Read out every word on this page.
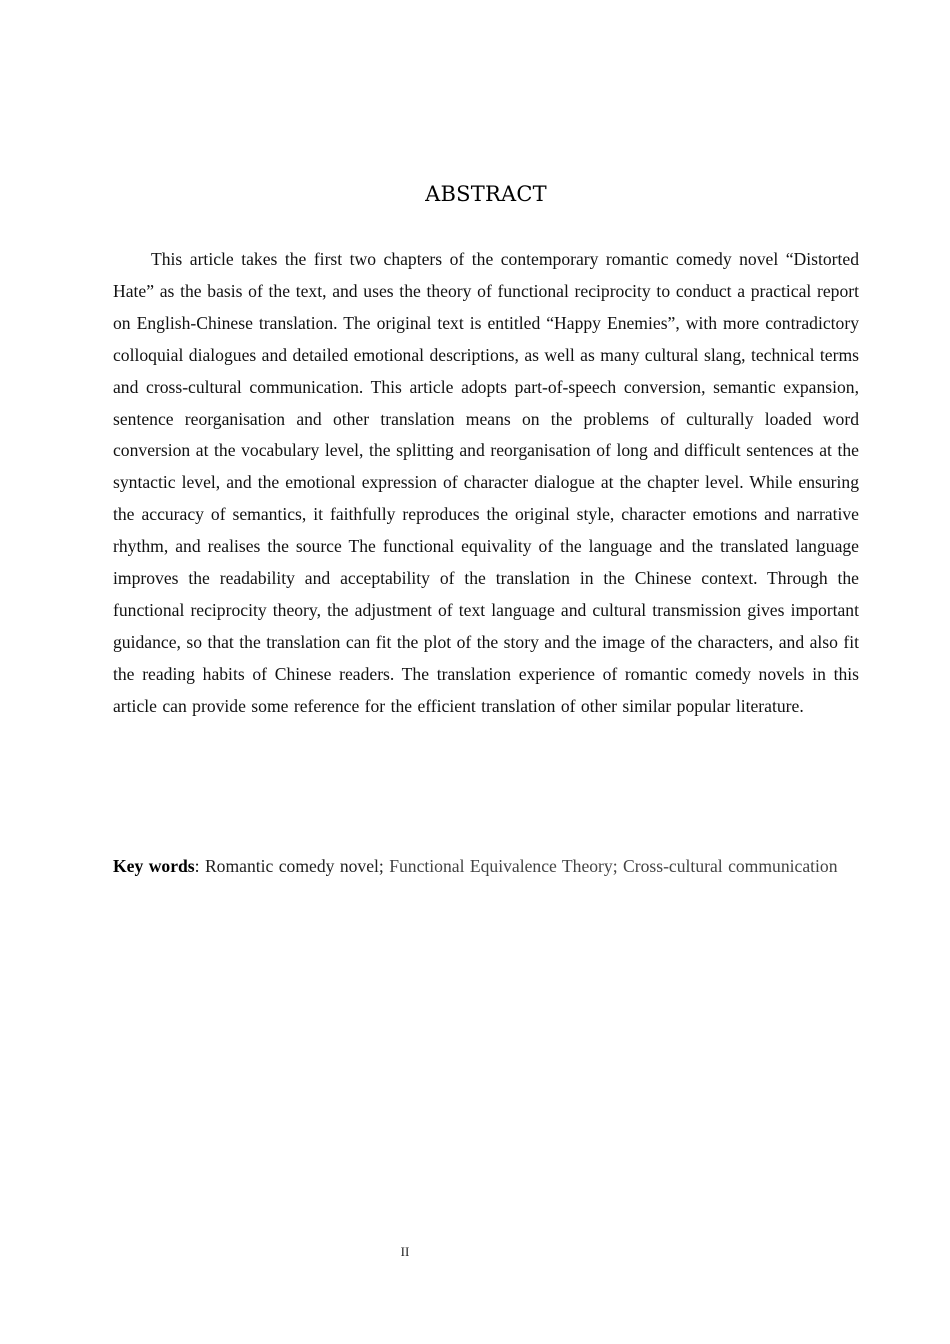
ABSTRACT

This article takes the first two chapters of the contemporary romantic comedy novel “Distorted Hate” as the basis of the text, and uses the theory of functional reciprocity to conduct a practical report on English-Chinese translation. The original text is entitled “Happy Enemies”, with more contradictory colloquial dialogues and detailed emotional descriptions, as well as many cultural slang, technical terms and cross-cultural communication. This article adopts part-of-speech conversion, semantic expansion, sentence reorganisation and other translation means on the problems of culturally loaded word conversion at the vocabulary level, the splitting and reorganisation of long and difficult sentences at the syntactic level, and the emotional expression of character dialogue at the chapter level. While ensuring the accuracy of semantics, it faithfully reproduces the original style, character emotions and narrative rhythm, and realises the source The functional equivality of the language and the translated language improves the readability and acceptability of the translation in the Chinese context. Through the functional reciprocity theory, the adjustment of text language and cultural transmission gives important guidance, so that the translation can fit the plot of the story and the image of the characters, and also fit the reading habits of Chinese readers. The translation experience of romantic comedy novels in this article can provide some reference for the efficient translation of other similar popular literature.

Key words: Romantic comedy novel; Functional Equivalence Theory; Cross-cultural communication

II
